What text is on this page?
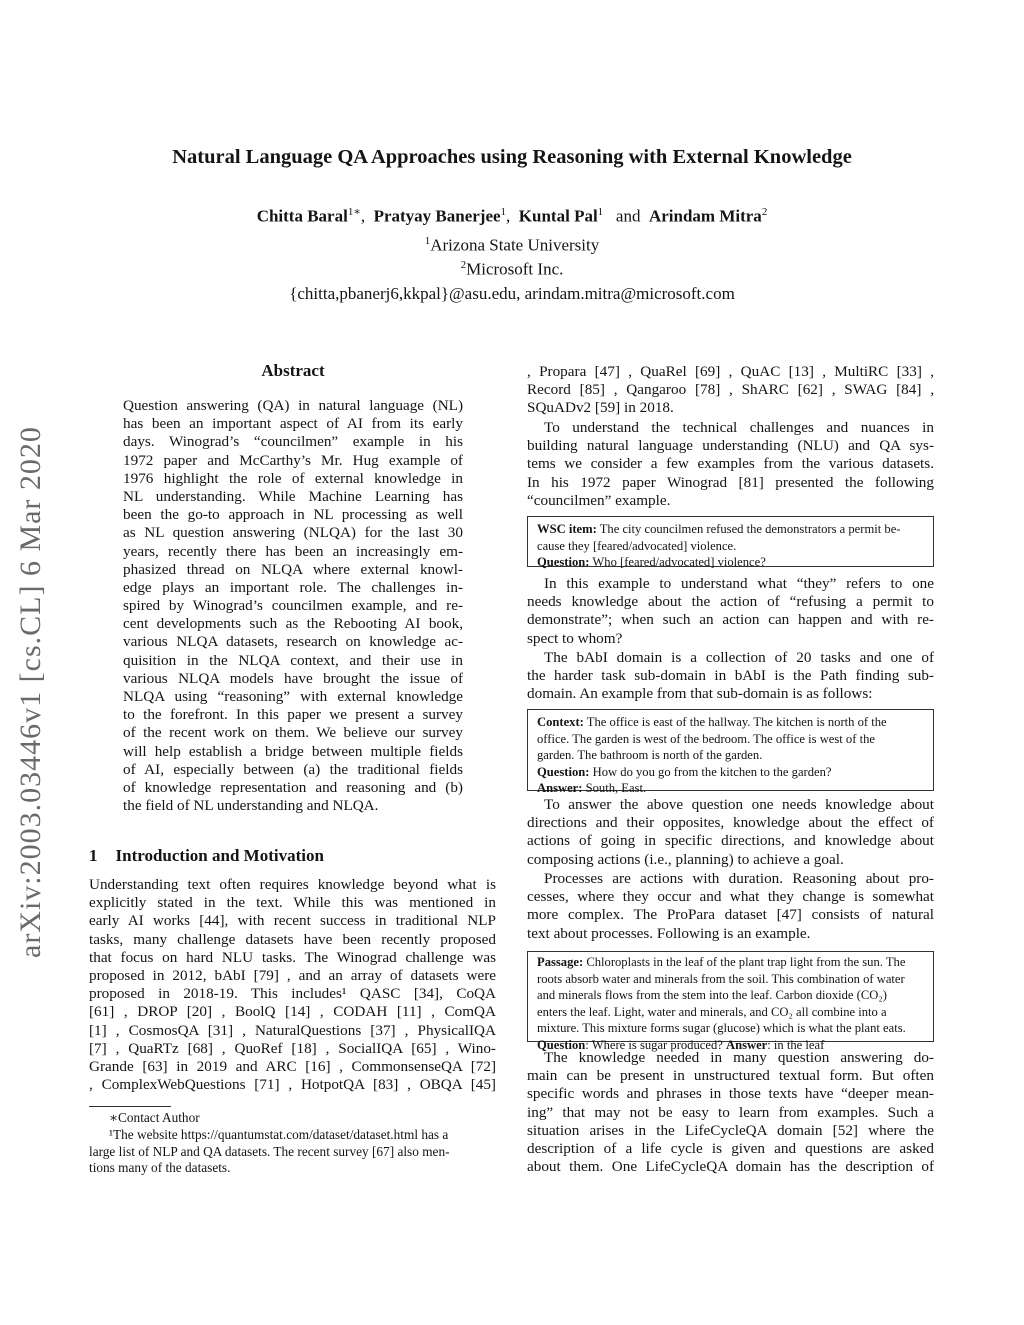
arXiv:2003.03446v1 [cs.CL] 6 Mar 2020
Natural Language QA Approaches using Reasoning with External Knowledge
Chitta Baral$^{1∗}$,  Pratyay Banerjee$^1$,  Kuntal Pal$^1$ and Arindam Mitra$^2$
$^1$Arizona State University
$^2$Microsoft Inc.
{chitta,pbanerj6,kkpal}@asu.edu, arindam.mitra@microsoft.com
Abstract
Question answering (QA) in natural language (NL)
has been an important aspect of AI from its early
days. Winograd’s “councilmen” example in his
1972 paper and McCarthy’s Mr. Hug example of
1976 highlight the role of external knowledge in
NL understanding. While Machine Learning has
been the go-to approach in NL processing as well
as NL question answering (NLQA) for the last 30
years, recently there has been an increasingly em-
phasized thread on NLQA where external knowl-
edge plays an important role. The challenges in-
spired by Winograd’s councilmen example, and re-
cent developments such as the Rebooting AI book,
various NLQA datasets, research on knowledge ac-
quisition in the NLQA context, and their use in
various NLQA models have brought the issue of
NLQA using “reasoning” with external knowledge
to the forefront. In this paper we present a survey
of the recent work on them. We believe our survey
will help establish a bridge between multiple fields
of AI, especially between (a) the traditional fields
of knowledge representation and reasoning and (b)
the field of NL understanding and NLQA.
1 Introduction and Motivation
Understanding text often requires knowledge beyond what is
explicitly stated in the text. While this was mentioned in
early AI works [44], with recent success in traditional NLP
tasks, many challenge datasets have been recently proposed
that focus on hard NLU tasks. The Winograd challenge was
proposed in 2012, bAbI [79] , and an array of datasets were
proposed in 2018-19. This includes¹ QASC [34], CoQA
[61] , DROP [20] , BoolQ [14] , CODAH [11] , ComQA
[1] , CosmosQA [31] , NaturalQuestions [37] , PhysicalIQA
[7] , QuaRTz [68] , QuoRef [18] , SocialIQA [65] , Wino-
Grande [63] in 2019 and ARC [16] , CommonsenseQA [72]
, ComplexWebQuestions [71] , HotpotQA [83] , OBQA [45]
∗Contact Author
¹The website https://quantumstat.com/dataset/dataset.html has a
large list of NLP and QA datasets. The recent survey [67] also men-
tions many of the datasets.
, Propara [47] , QuaRel [69] , QuAC [13] , MultiRC [33] ,
Record [85] , Qangaroo [78] , ShARC [62] , SWAG [84] ,
SQuADv2 [59] in 2018.
To understand the technical challenges and nuances in
building natural language understanding (NLU) and QA sys-
tems we consider a few examples from the various datasets.
In his 1972 paper Winograd [81] presented the following
“councilmen” example.
WSC item: The city councilmen refused the demonstrators a permit be-
cause they [feared/advocated] violence.
Question: Who [feared/advocated] violence?
In this example to understand what “they” refers to one
needs knowledge about the action of “refusing a permit to
demonstrate”; when such an action can happen and with re-
spect to whom?
The bAbI domain is a collection of 20 tasks and one of
the harder task sub-domain in bAbI is the Path finding sub-
domain. An example from that sub-domain is as follows:
Context: The office is east of the hallway. The kitchen is north of the
office. The garden is west of the bedroom. The office is west of the
garden. The bathroom is north of the garden.
Question: How do you go from the kitchen to the garden?
Answer: South, East.
To answer the above question one needs knowledge about
directions and their opposites, knowledge about the effect of
actions of going in specific directions, and knowledge about
composing actions (i.e., planning) to achieve a goal.
Processes are actions with duration. Reasoning about pro-
cesses, where they occur and what they change is somewhat
more complex. The ProPara dataset [47] consists of natural
text about processes. Following is an example.
Passage: Chloroplasts in the leaf of the plant trap light from the sun. The
roots absorb water and minerals from the soil. This combination of water
and minerals flows from the stem into the leaf. Carbon dioxide (CO₂)
enters the leaf. Light, water and minerals, and CO₂ all combine into a
mixture. This mixture forms sugar (glucose) which is what the plant eats.
Question: Where is sugar produced? Answer: in the leaf
The knowledge needed in many question answering do-
main can be present in unstructured textual form. But often
specific words and phrases in those texts have “deeper mean-
ing” that may not be easy to learn from examples. Such a
situation arises in the LifeCycleQA domain [52] where the
description of a life cycle is given and questions are asked
about them. One LifeCycleQA domain has the description of
